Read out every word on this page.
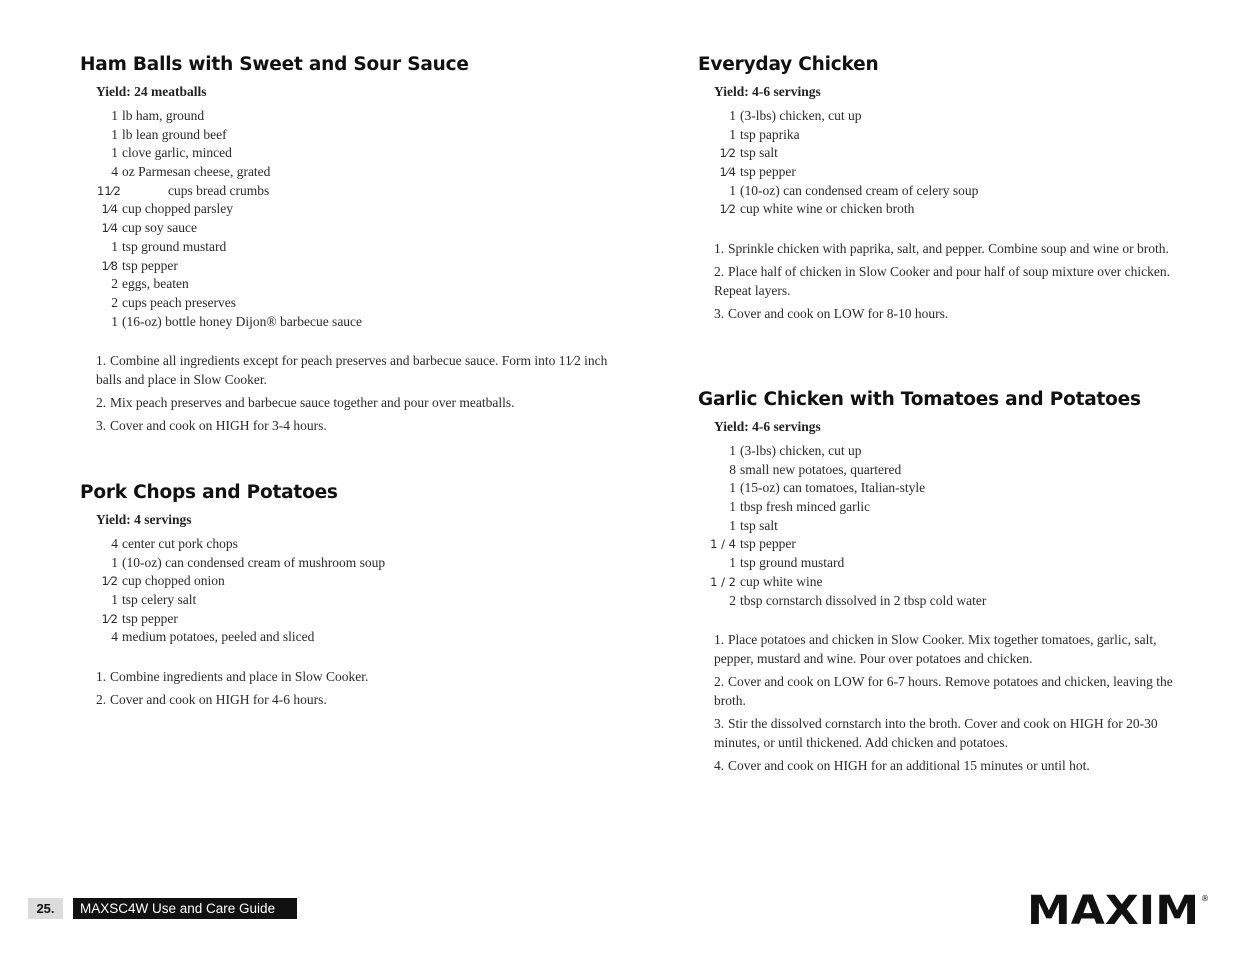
Ham Balls with Sweet and Sour Sauce
Yield: 24 meatballs
1 lb ham, ground
1 lb lean ground beef
1 clove garlic, minced
4 oz Parmesan cheese, grated
11⁄2	cups bread crumbs
1⁄4 cup chopped parsley
1⁄4 cup soy sauce
1 tsp ground mustard
1⁄8 tsp pepper
2 eggs, beaten
2 cups peach preserves
1 (16-oz) bottle honey Dijon® barbecue sauce
1. Combine all ingredients except for peach preserves and barbecue sauce. Form into 11⁄2 inch balls and place in Slow Cooker.
2. Mix peach preserves and barbecue sauce together and pour over meatballs.
3. Cover and cook on HIGH for 3-4 hours.
Pork Chops and Potatoes
Yield: 4 servings
4 center cut pork chops
1 (10-oz) can condensed cream of mushroom soup
1⁄2 cup chopped onion
1 tsp celery salt
1⁄2 tsp pepper
4 medium potatoes, peeled and sliced
1. Combine ingredients and place in Slow Cooker.
2. Cover and cook on HIGH for 4-6 hours.
Everyday Chicken
Yield: 4-6 servings
1 (3-lbs) chicken, cut up
1 tsp paprika
1⁄2 tsp salt
1⁄4 tsp pepper
1 (10-oz) can condensed cream of celery soup
1⁄2 cup white wine or chicken broth
1. Sprinkle chicken with paprika, salt, and pepper. Combine soup and wine or broth.
2. Place half of chicken in Slow Cooker and pour half of soup mixture over chicken. Repeat layers.
3. Cover and cook on LOW for 8-10 hours.
Garlic Chicken with Tomatoes and Potatoes
Yield: 4-6 servings
1 (3-lbs) chicken, cut up
8 small new potatoes, quartered
1 (15-oz) can tomatoes, Italian-style
1 tbsp fresh minced garlic
1 tsp salt
1 / 4 tsp pepper
1 tsp ground mustard
1 / 2 cup white wine
2 tbsp cornstarch dissolved in 2 tbsp cold water
1. Place potatoes and chicken in Slow Cooker. Mix together tomatoes, garlic, salt, pepper, mustard and wine. Pour over potatoes and chicken.
2. Cover and cook on LOW for 6-7 hours. Remove potatoes and chicken, leaving the broth.
3. Stir the dissolved cornstarch into the broth. Cover and cook on HIGH for 20-30 minutes, or until thickened. Add chicken and potatoes.
4. Cover and cook on HIGH for an additional 15 minutes or until hot.
25.	MAXSC4W Use and Care Guide	MAXIM ®
